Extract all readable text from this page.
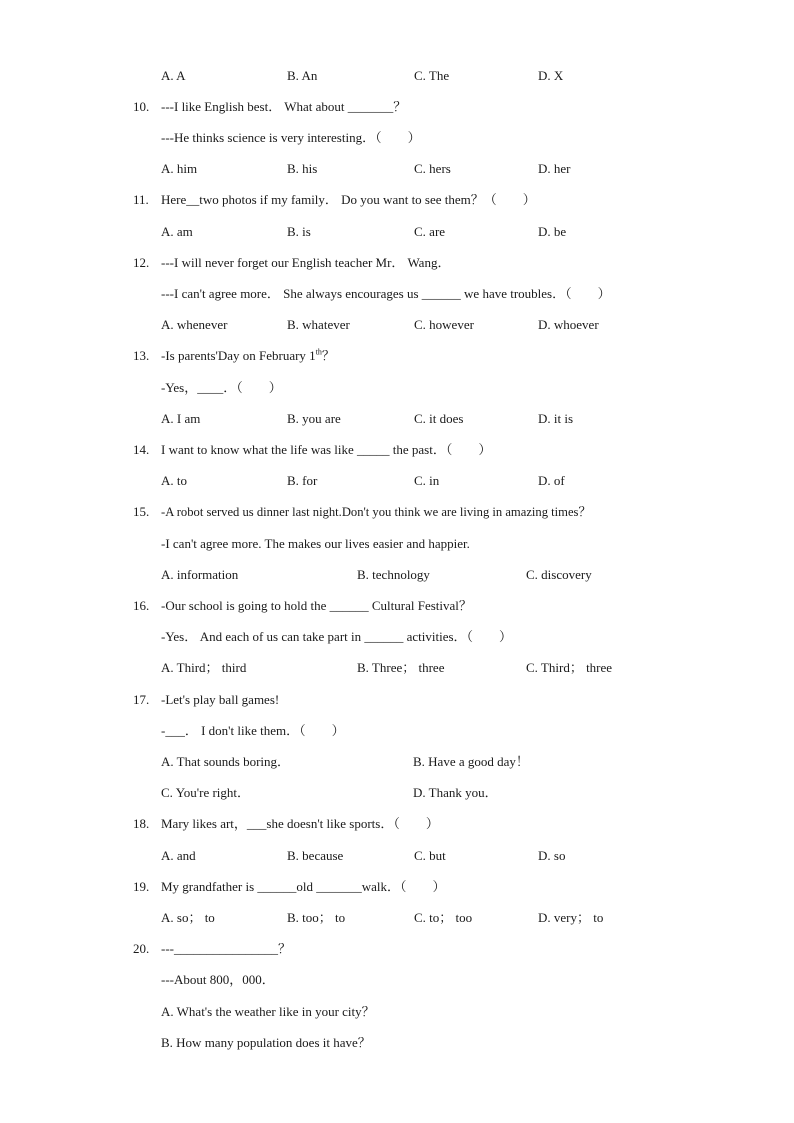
A. A	B. An	C. The	D. X
10. ---I like English best． What about _______？
---He thinks science is very interesting．（　　）
A. him	B. his	C. hers	D. her
11. Here__two photos if my family． Do you want to see them？（　　）
A. am	B. is	C. are	D. be
12. ---I will never forget our English teacher Mr． Wang．
---I can't agree more． She always encourages us ______ we have troubles．（　　）
A. whenever	B. whatever	C. however	D. whoever
13. -Is parents'Day on February 1th？
-Yes，____．（　　）
A. I am	B. you are	C. it does	D. it is
14. I want to know what the life was like _____ the past．（　　）
A. to	B. for	C. in	D. of
15. -A robot served us dinner last night.Don't you think we are living in amazing times？
-I can't agree more. The makes our lives easier and happier.
A. information	B. technology	C. discovery
16. -Our school is going to hold the ______ Cultural Festival？
-Yes． And each of us can take part in ______ activities．（　　）
A. Third； third	B. Three； three	C. Third； three
17. -Let's play ball games!
-___． I don't like them．（　　）
A. That sounds boring．	B. Have a good day！
C. You're right．	D. Thank you．
18. Mary likes art，___she doesn't like sports．（　　）
A. and	B. because	C. but	D. so
19. My grandfather is ______old _______walk．（　　）
A. so； to	B. too； to	C. to； too	D. very； to
20. ---________________？
---About 800，000．
A. What's the weather like in your city？
B. How many population does it have？
